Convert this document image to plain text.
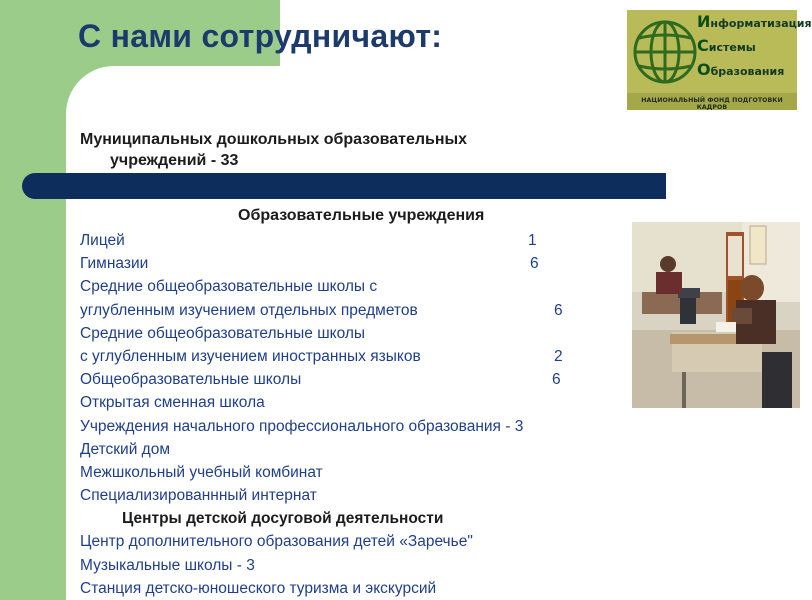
С нами сотрудничают:	Информатизация
Системы
Образования
НАЦИОНАЛЬНЫЙ ФОНД ПОДГОТОВКИ КАДРОВ
Муниципальных дошкольных образовательных
учреждений - 33
Образовательные учреждения
Лицей	1
Гимназии	6
Средние общеобразовательные школы с
углубленным изучением отдельных предметов	6
Средние общеобразовательные школы
с углубленным изучением иностранных языков	2
Общеобразовательные школы	6
Открытая сменная школа
Учреждения начального профессионального образования - 3
Детский дом
Межшкольный учебный комбинат
Специализированнный интернат
Центры детской досуговой деятельности
Центр дополнительного образования детей «Заречье"
Музыкальные школы - 3
Станция детско-юношеского туризма и экскурсий
